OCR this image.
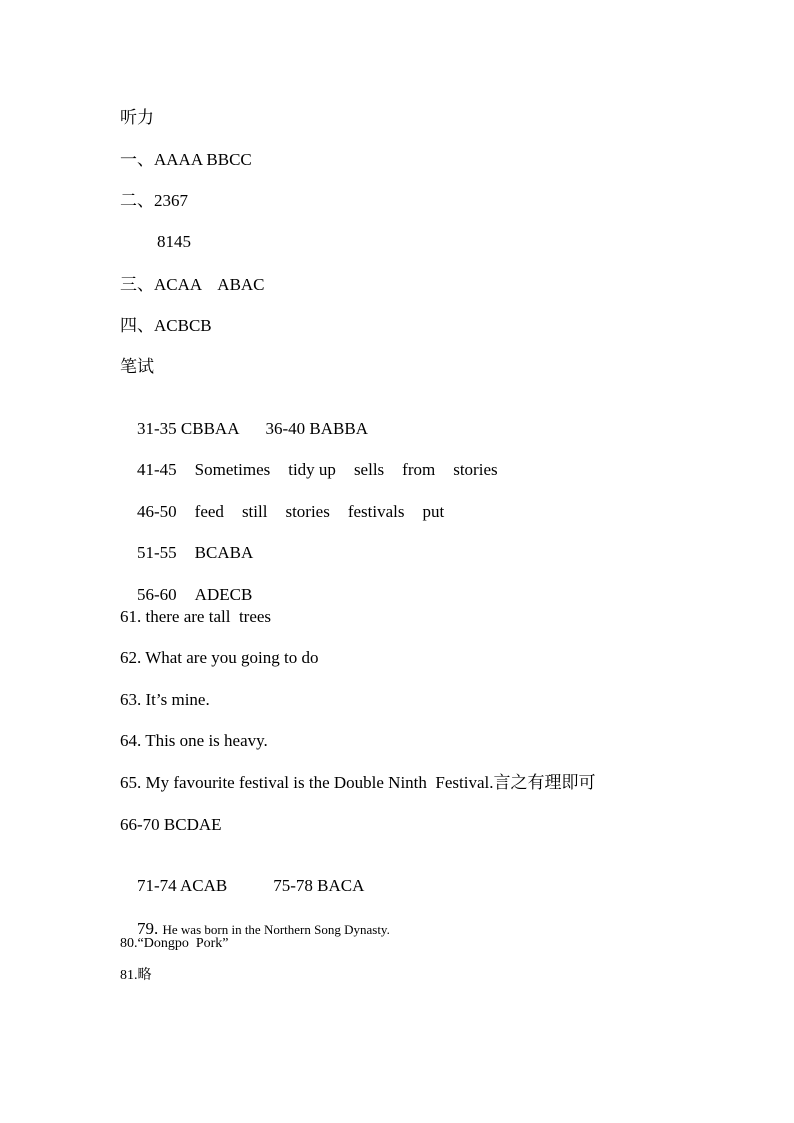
听力
一、AAAA BBCC
二、2367
8145
三、ACAA    ABAC
四、ACBCB
笔试

31-35 CBBAA 36-40 BABBA

41-45 Sometimes tidy up sells from stories

46-50 feed still stories festivals put

51-55 BCABA

56-60 ADECB

61. there are tall  trees
62. What are you going to do
63. It’s mine.
64. This one is heavy.
65. My favourite festival is the Double Ninth  Festival.言之有理即可
66-70 BCDAE

71-74 ACAB	75-78 BACA

79. He was born in the Northern Song Dynasty.

80.“Dongpo  Pork”
81.略
